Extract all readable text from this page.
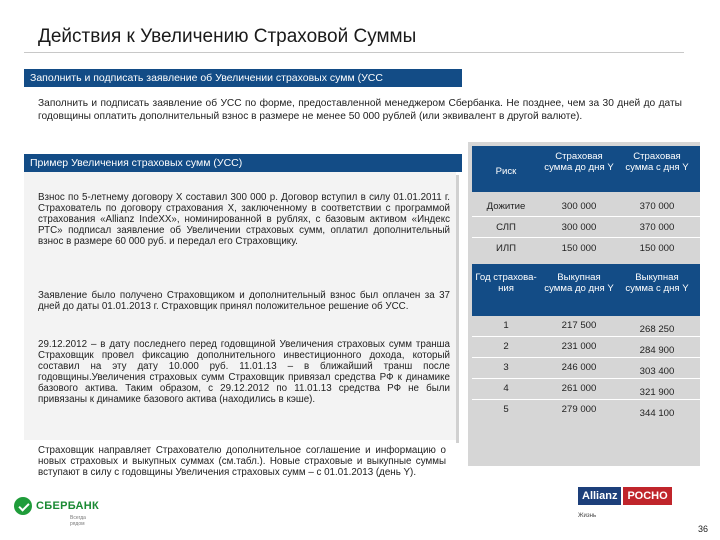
Действия к Увеличению Страховой Суммы
Заполнить и подписать заявление об Увеличении страховых сумм (УСС
Заполнить и подписать заявление об УСС по форме, предоставленной менеджером Сбербанка. Не позднее, чем за 30 дней до даты годовщины оплатить дополнительный взнос в размере не менее 50 000 рублей (или эквивалент в другой валюте).
Пример Увеличения страховых сумм (УСС)

Взнос по 5-летнему договору X составил 300 000 р. Договор вступил в силу 01.01.2011 г. Страхователь по договору страхования X, заключенному в соответствии с программой страхования «Allianz IndeXX», номинированной в рублях, с базовым активом «Индекс РТС» подписал заявление об Увеличении страховых сумм, оплатил дополнительный взнос в размере 60 000 руб. и передал его Страховщику.

Заявление было получено Страховщиком и дополнительный взнос был оплачен за 37 дней до даты 01.01.2013 г. Страховщик принял положительное решение об УСС.

29.12.2012 – в дату последнего перед годовщиной Увеличения страховых сумм транша Страховщик провел фиксацию дополнительного инвестиционного дохода, который составил на эту дату 10.000 руб. 11.01.13 – в ближайший транш после годовщины.Увеличения страховых сумм Страховщик привязал средства РФ к динамике базового актива. Таким образом, с 29.12.2012 по 11.01.13 средства РФ не были привязаны к динамике базового актива (находились в кэше).

Страховщик направляет Страхователю дополнительное соглашение и информацию о новых страховых и выкупных суммах (см.табл.). Новые страховые и выкупные суммы вступают в силу с годовщины Увеличения страховых сумм – с 01.01.2013 (день Y).
Риск
Страховая сумма до дня Y
Страховая сумма с дня Y
Дожитие	300 000	370 000
СЛП	300 000	370 000
ИЛП	150 000	150 000
Год страхова-ния
Выкупная сумма до дня Y
Выкупная сумма с дня Y
1	217 500	268 250
2	231 000	284 900
3	246 000	303 400
4	261 000	321 900
5	279 000	344 100
СБЕРБАНК
Всегда рядом
Allianz РОСНО
Жизнь
36
